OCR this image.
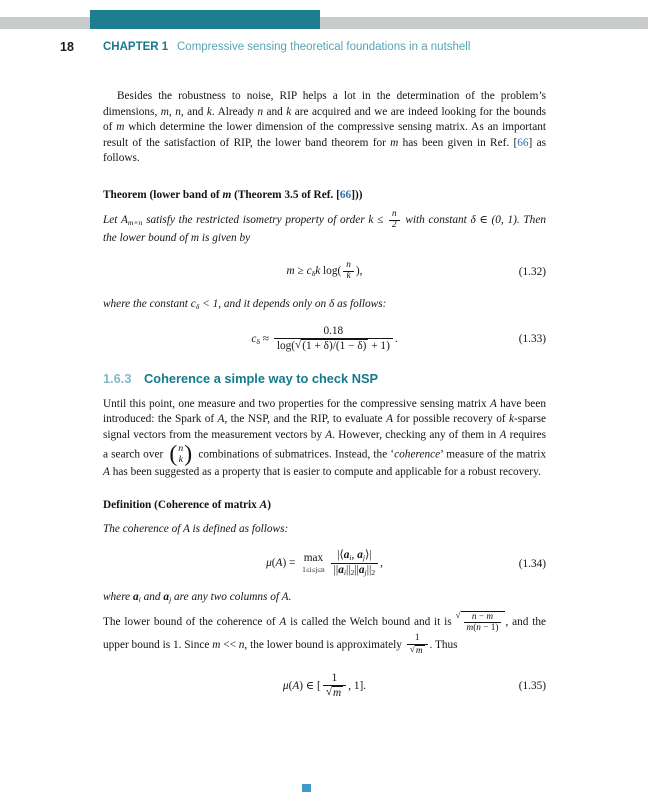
18	CHAPTER 1 Compressive sensing theoretical foundations in a nutshell

Besides the robustness to noise, RIP helps a lot in the determination of the problem’s dimensions, m, n, and k. Already n and k are acquired and we are indeed looking for the bounds of m which determine the lower dimension of the compressive sensing matrix. As an important result of the satisfaction of RIP, the lower band theorem for m has been given in Ref. [66] as follows.

Theorem (lower band of m (Theorem 3.5 of Ref. [66]))

Let $A_{m\times n}$ satisfy the restricted isometry property of order $k \le \frac{n}{2}$ with constant δ ∈ (0, 1). Then the lower bound of m is given by

$m \ge c_\delta k$ $\log( \frac{n}{k}$ ),	(1.32)

where the constant $c_\delta < 1$, and it depends only on δ as follows:

$c_\delta \approx \frac{0.18}{\log( √ (1 + \delta)/(1 - \delta) + 1)}$ .	(1.33)
1.6.3 Coherence a simple way to check NSP

Until this point, one measure and two properties for the compressive sensing matrix A have been introduced: the Spark of A, the NSP, and the RIP, to evaluate A for possible recovery of k-sparse signal vectors from the measurement vectors by A. However, checking any of them in A requires a search over ( n
k ) combinations of submatrices. Instead, the ‘coherence’ measure of the matrix A has been suggested as a property that is easier to compute and applicable for a robust recovery.

Definition (Coherence of matrix A)

The coherence of A is defined as follows:

μ(A) = max
$1\le i\le j\le n \frac{|⟨a_i, a_j⟩|}{||a_i||_2||a_j||_2}$ ,	(1.34)

where $a_i$ and $a_j$ are any two columns of A.

The lower bound of the coherence of A is called the Welch bound and it is
√ $\frac{n - m}{m(n - 1)}$ , and the upper bound is 1. Since m << n, the lower bound is approximately $\frac{1}{√ m}$ . Thus

μ(A) ∈ [ $\frac{1}{√ m}$ , 1].	(1.35)
